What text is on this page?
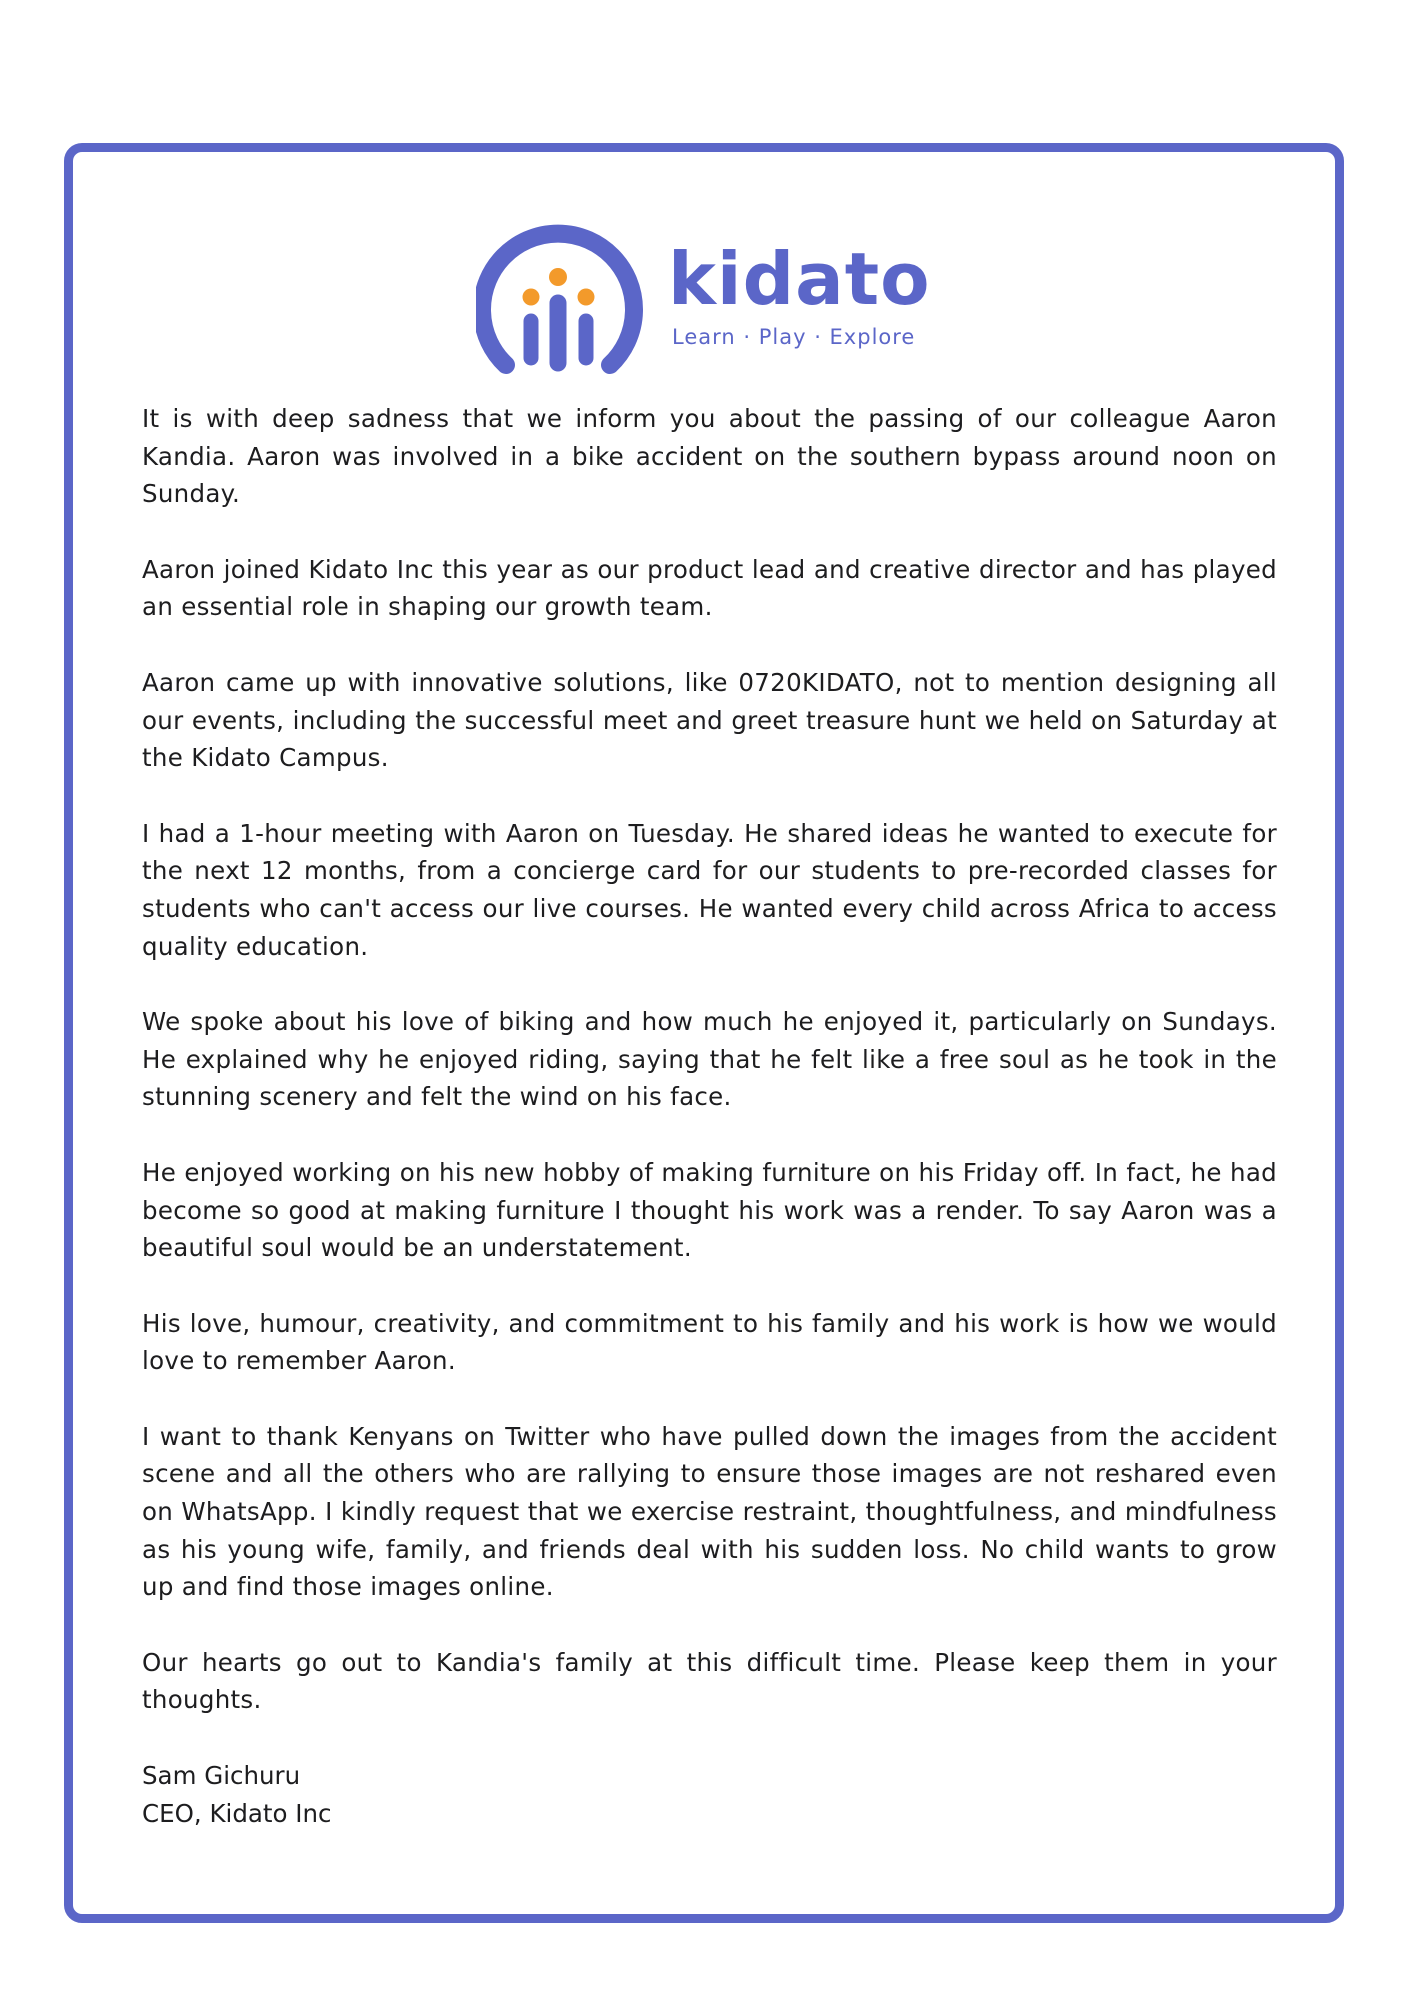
kidato
Learn · Play · Explore

It is with deep sadness that we inform you about the passing of our colleague Aaron Kandia. Aaron was involved in a bike accident on the southern bypass around noon on Sunday.

Aaron joined Kidato Inc this year as our product lead and creative director and has played an essential role in shaping our growth team.

Aaron came up with innovative solutions, like 0720KIDATO, not to mention designing all our events, including the successful meet and greet treasure hunt we held on Saturday at the Kidato Campus.

I had a 1-hour meeting with Aaron on Tuesday. He shared ideas he wanted to execute for the next 12 months, from a concierge card for our students to pre-recorded classes for students who can't access our live courses. He wanted every child across Africa to access quality education.

We spoke about his love of biking and how much he enjoyed it, particularly on Sundays. He explained why he enjoyed riding, saying that he felt like a free soul as he took in the stunning scenery and felt the wind on his face.

He enjoyed working on his new hobby of making furniture on his Friday off. In fact, he had become so good at making furniture I thought his work was a render. To say Aaron was a beautiful soul would be an understatement.

His love, humour, creativity, and commitment to his family and his work is how we would love to remember Aaron.

I want to thank Kenyans on Twitter who have pulled down the images from the accident scene and all the others who are rallying to ensure those images are not reshared even on WhatsApp. I kindly request that we exercise restraint, thoughtfulness, and mindfulness as his young wife, family, and friends deal with his sudden loss. No child wants to grow up and find those images online.

Our hearts go out to Kandia's family at this difficult time. Please keep them in your thoughts.

Sam Gichuru
CEO, Kidato Inc
